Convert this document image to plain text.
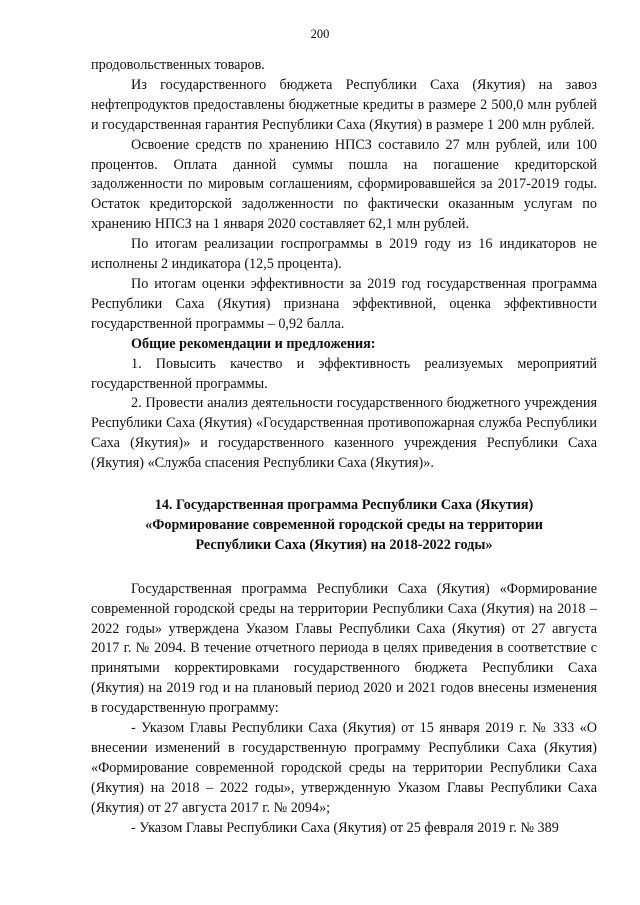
200

продовольственных товаров.

Из государственного бюджета Республики Саха (Якутия) на завоз нефтепродуктов предоставлены бюджетные кредиты в размере 2 500,0 млн рублей и государственная гарантия Республики Саха (Якутия) в размере 1 200 млн рублей.

Освоение средств по хранению НПСЗ составило 27 млн рублей, или 100 процентов. Оплата данной суммы пошла на погашение кредиторской задолженности по мировым соглашениям, сформировавшейся за 2017-2019 годы. Остаток кредиторской задолженности по фактически оказанным услугам по хранению НПСЗ на 1 января 2020 составляет 62,1 млн рублей.

По итогам реализации госпрограммы в 2019 году из 16 индикаторов не исполнены 2 индикатора (12,5 процента).

По итогам оценки эффективности за 2019 год государственная программа Республики Саха (Якутия) признана эффективной, оценка эффективности государственной программы – 0,92 балла.

Общие рекомендации и предложения:

1. Повысить качество и эффективность реализуемых мероприятий государственной программы.

2. Провести анализ деятельности государственного бюджетного учреждения Республики Саха (Якутия) «Государственная противопожарная служба Республики Саха (Якутия)» и государственного казенного учреждения Республики Саха (Якутия) «Служба спасения Республики Саха (Якутия)».

14. Государственная программа Республики Саха (Якутия)
«Формирование современной городской среды на территории
Республики Саха (Якутия) на 2018-2022 годы»

Государственная программа Республики Саха (Якутия) «Формирование современной городской среды на территории Республики Саха (Якутия) на 2018 – 2022 годы» утверждена Указом Главы Республики Саха (Якутия) от 27 августа 2017 г. № 2094. В течение отчетного периода в целях приведения в соответствие с принятыми корректировками государственного бюджета Республики Саха (Якутия) на 2019 год и на плановый период 2020 и 2021 годов внесены изменения в государственную программу:

- Указом Главы Республики Саха (Якутия) от 15 января 2019 г. № 333 «О внесении изменений в государственную программу Республики Саха (Якутия) «Формирование современной городской среды на территории Республики Саха (Якутия) на 2018 – 2022 годы», утвержденную Указом Главы Республики Саха (Якутия) от 27 августа 2017 г. № 2094»;

- Указом Главы Республики Саха (Якутия) от 25 февраля 2019 г. № 389
